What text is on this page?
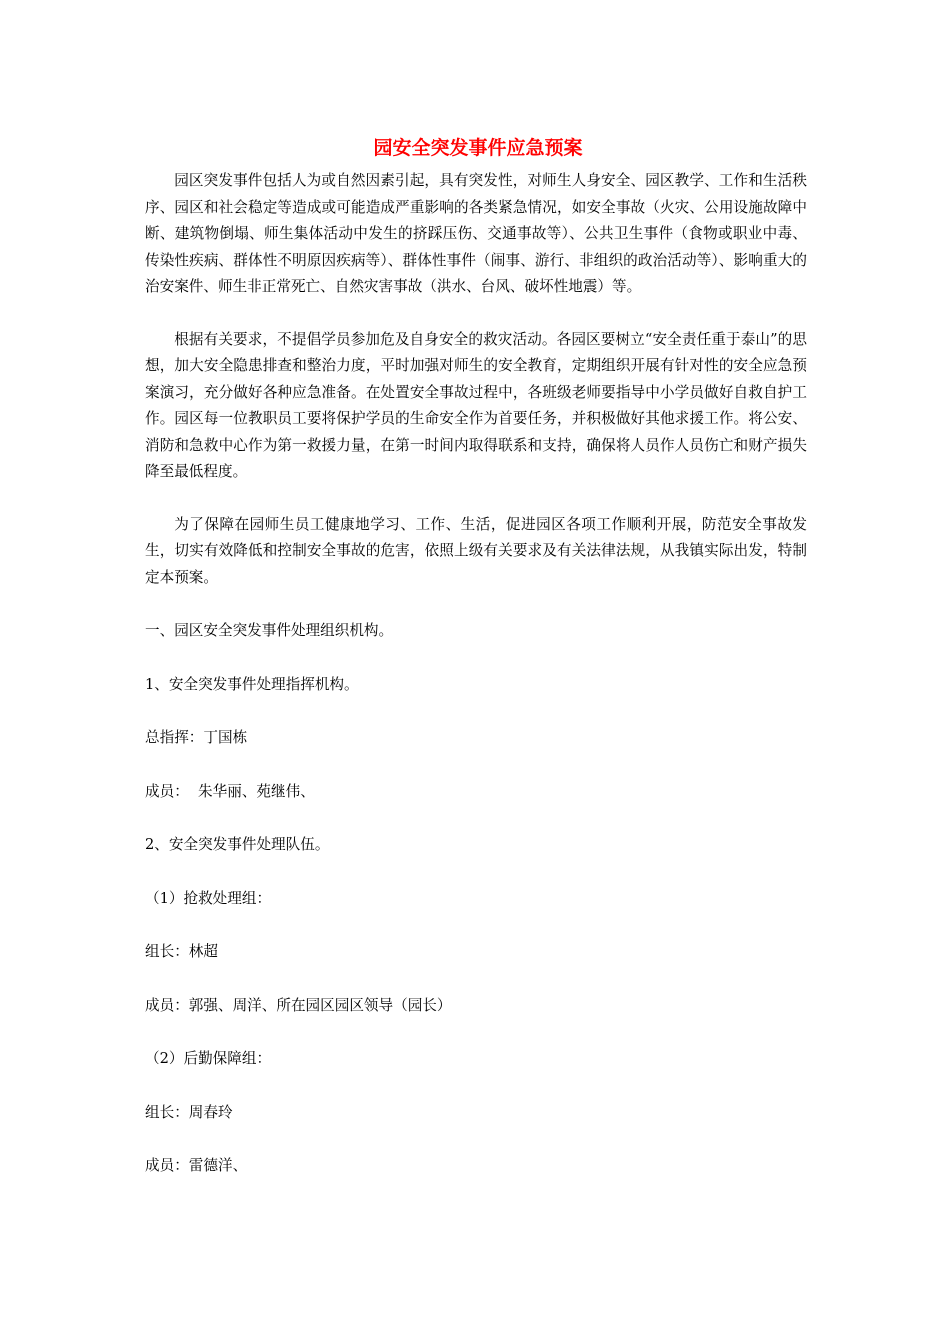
园安全突发事件应急预案

园区突发事件包括人为或自然因素引起，具有突发性，对师生人身安全、园区教学、工作和生活秩序、园区和社会稳定等造成或可能造成严重影响的各类紧急情况，如安全事故（火灾、公用设施故障中断、建筑物倒塌、师生集体活动中发生的挤踩压伤、交通事故等）、公共卫生事件（食物或职业中毒、传染性疾病、群体性不明原因疾病等）、群体性事件（闹事、游行、非组织的政治活动等）、影响重大的治安案件、师生非正常死亡、自然灾害事故（洪水、台风、破坏性地震）等。

根据有关要求，不提倡学员参加危及自身安全的救灾活动。各园区要树立“安全责任重于泰山”的思想，加大安全隐患排查和整治力度，平时加强对师生的安全教育，定期组织开展有针对性的安全应急预案演习，充分做好各种应急准备。在处置安全事故过程中，各班级老师要指导中小学员做好自救自护工作。园区每一位教职员工要将保护学员的生命安全作为首要任务，并积极做好其他求援工作。将公安、消防和急救中心作为第一救援力量，在第一时间内取得联系和支持，确保将人员作人员伤亡和财产损失降至最低程度。

为了保障在园师生员工健康地学习、工作、生活，促进园区各项工作顺利开展，防范安全事故发生，切实有效降低和控制安全事故的危害，依照上级有关要求及有关法律法规，从我镇实际出发，特制定本预案。

一、园区安全突发事件处理组织机构。

1、安全突发事件处理指挥机构。

总指挥：丁国栋

成员：  朱华丽、苑继伟、

2、安全突发事件处理队伍。

（1）抢救处理组：

组长：林超

成员：郭强、周洋、所在园区园区领导（园长）

（2）后勤保障组：

组长：周春玲

成员：雷德洋、
